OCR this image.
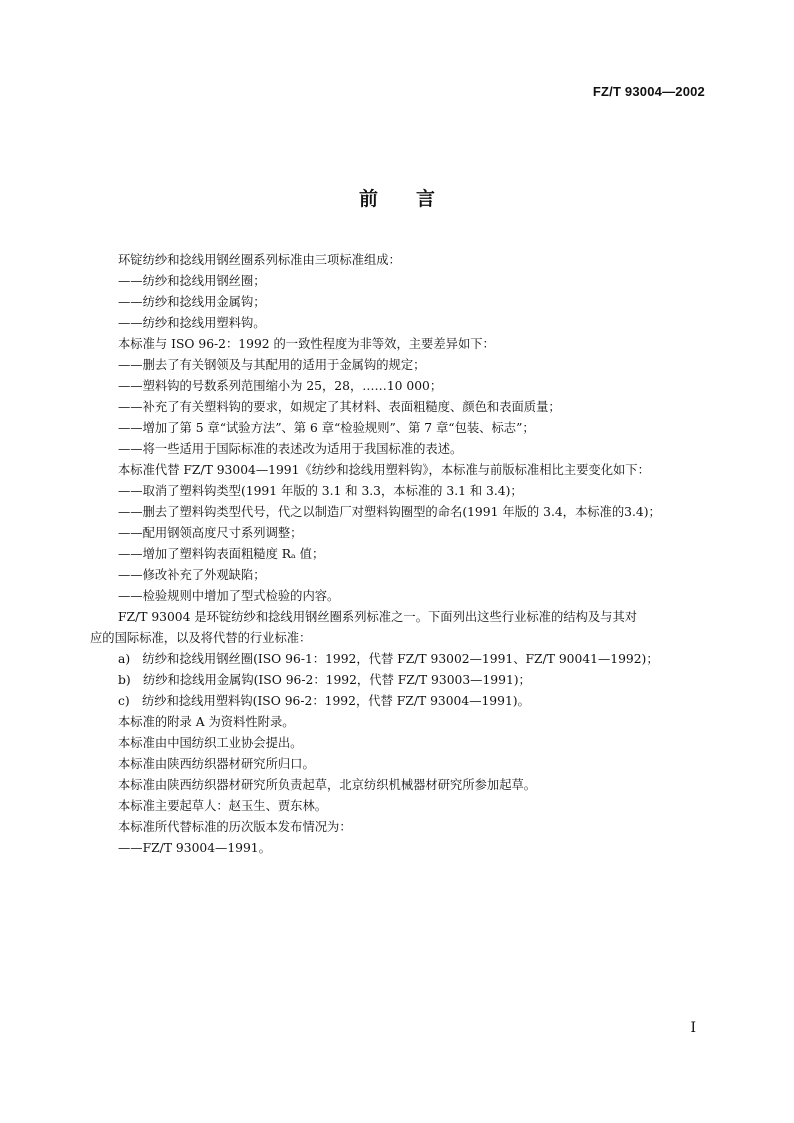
FZ/T 93004—2002
前言
环锭纺纱和捻线用钢丝圈系列标准由三项标准组成：
——纺纱和捻线用钢丝圈；
——纺纱和捻线用金属钩；
——纺纱和捻线用塑料钩。
本标准与 ISO 96-2：1992 的一致性程度为非等效，主要差异如下：
——删去了有关钢领及与其配用的适用于金属钩的规定；
——塑料钩的号数系列范围缩小为 25，28，……10 000；
——补充了有关塑料钩的要求，如规定了其材料、表面粗糙度、颜色和表面质量；
——增加了第 5 章“试验方法”、第 6 章“检验规则”、第 7 章“包装、标志”；
——将一些适用于国际标准的表述改为适用于我国标准的表述。
本标准代替 FZ/T 93004—1991《纺纱和捻线用塑料钩》，本标准与前版标准相比主要变化如下：
——取消了塑料钩类型(1991 年版的 3.1 和 3.3，本标准的 3.1 和 3.4)；
——删去了塑料钩类型代号，代之以制造厂对塑料钩圈型的命名(1991 年版的 3.4，本标准的3.4)；
——配用钢领高度尺寸系列调整；
——增加了塑料钩表面粗糙度 Rₐ 值；
——修改补充了外观缺陷；
——检验规则中增加了型式检验的内容。
FZ/T 93004 是环锭纺纱和捻线用钢丝圈系列标准之一。下面列出这些行业标准的结构及与其对
应的国际标准，以及将代替的行业标准：
a)　纺纱和捻线用钢丝圈(ISO 96-1：1992，代替 FZ/T 93002—1991、FZ/T 90041—1992)；
b)　纺纱和捻线用金属钩(ISO 96-2：1992，代替 FZ/T 93003—1991)；
c)　纺纱和捻线用塑料钩(ISO 96-2：1992，代替 FZ/T 93004—1991)。
本标准的附录 A 为资料性附录。
本标准由中国纺织工业协会提出。
本标准由陕西纺织器材研究所归口。
本标准由陕西纺织器材研究所负责起草，北京纺织机械器材研究所参加起草。
本标准主要起草人：赵玉生、贾东林。
本标准所代替标准的历次版本发布情况为：
——FZ/T 93004—1991。
I
